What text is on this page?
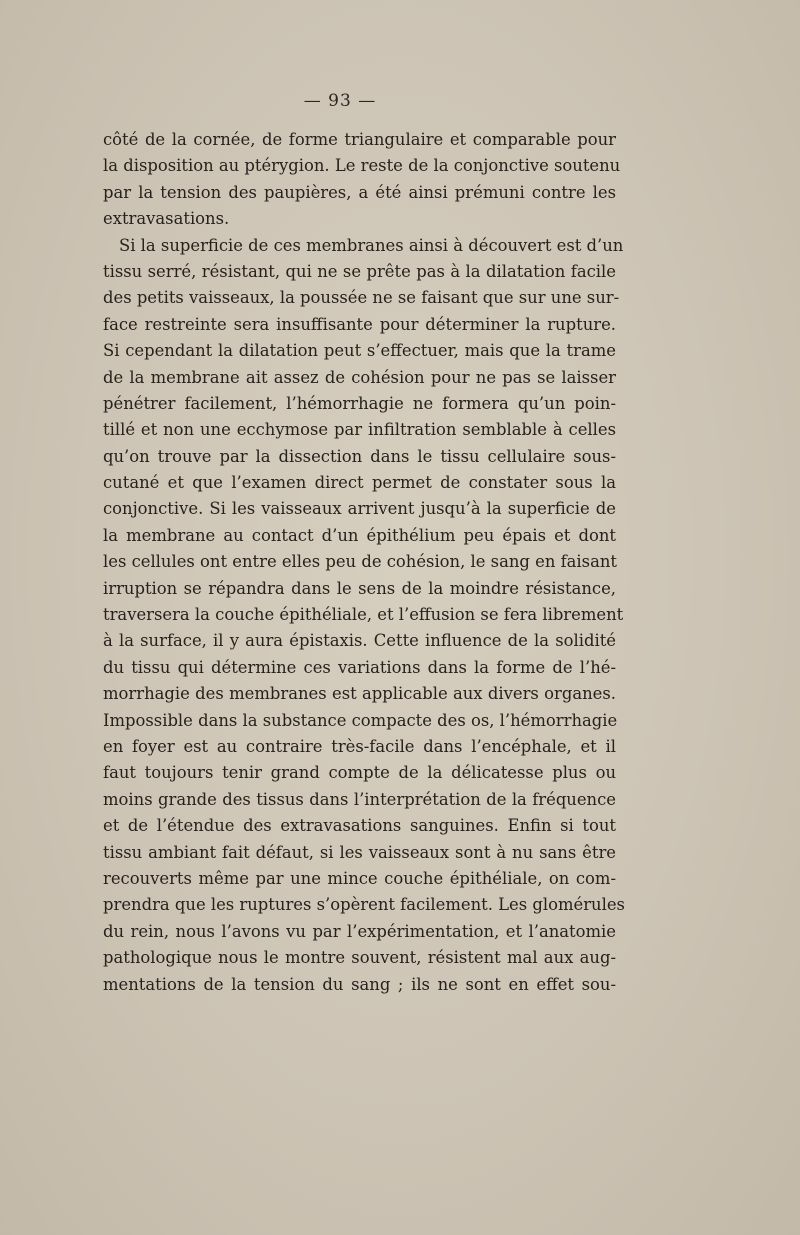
— 93 —
côté de la cornée, de forme triangulaire et comparable pour
la disposition au ptérygion. Le reste de la conjonctive soutenu
par la tension des paupières, a été ainsi prémuni contre les
extravasations.
Si la superficie de ces membranes ainsi à découvert est d’un
tissu serré, résistant, qui ne se prête pas à la dilatation facile
des petits vaisseaux, la poussée ne se faisant que sur une sur-
face restreinte sera insuffisante pour déterminer la rupture.
Si cependant la dilatation peut s’effectuer, mais que la trame
de la membrane ait assez de cohésion pour ne pas se laisser
pénétrer facilement, l’hémorrhagie ne formera qu’un poin-
tillé et non une ecchymose par infiltration semblable à celles
qu’on trouve par la dissection dans le tissu cellulaire sous-
cutané et que l’examen direct permet de constater sous la
conjonctive. Si les vaisseaux arrivent jusqu’à la superficie de
la membrane au contact d’un épithélium peu épais et dont
les cellules ont entre elles peu de cohésion, le sang en faisant
irruption se répandra dans le sens de la moindre résistance,
traversera la couche épithéliale, et l’effusion se fera librement
à la surface, il y aura épistaxis. Cette influence de la solidité
du tissu qui détermine ces variations dans la forme de l’hé-
morrhagie des membranes est applicable aux divers organes.
Impossible dans la substance compacte des os, l’hémorrhagie
en foyer est au contraire très-facile dans l’encéphale, et il
faut toujours tenir grand compte de la délicatesse plus ou
moins grande des tissus dans l’interprétation de la fréquence
et de l’étendue des extravasations sanguines. Enfin si tout
tissu ambiant fait défaut, si les vaisseaux sont à nu sans être
recouverts même par une mince couche épithéliale, on com-
prendra que les ruptures s’opèrent facilement. Les glomérules
du rein, nous l’avons vu par l’expérimentation, et l’anatomie
pathologique nous le montre souvent, résistent mal aux aug-
mentations de la tension du sang ; ils ne sont en effet sou-
